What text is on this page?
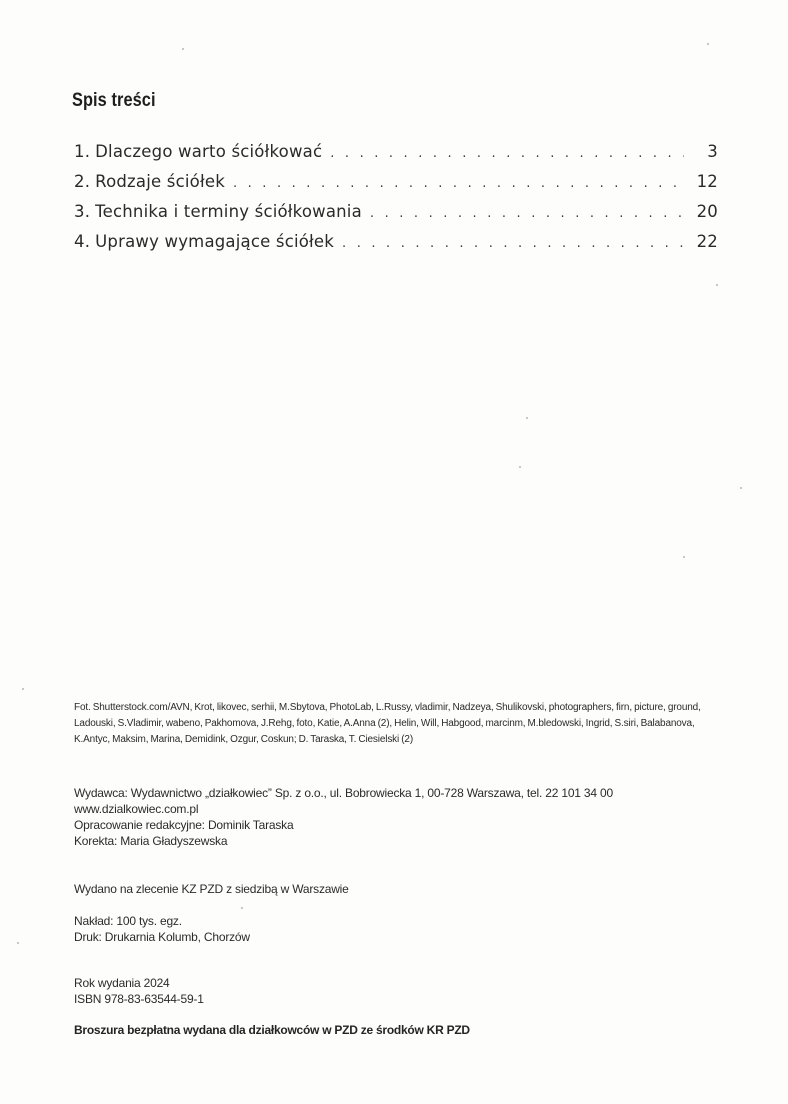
Spis treści
1. Dlaczego warto ściółkować . . .	3
2. Rodzaje ściółek . . .	12
3. Technika i terminy ściółkowania . . .	20
4. Uprawy wymagające ściółek . . .	22

Fot. Shutterstock.com/AVN, Krot, likovec, serhii, M.Sbytova, PhotoLab, L.Russy, vladimir, Nadzeya, Shulikovski, photographers, firn, picture, ground, Ladouski, S.Vladimir, wabeno, Pakhomova, J.Rehg, foto, Katie, A.Anna (2), Helin, Will, Habgood, marcinm, M.bledowski, Ingrid, S.siri, Balabanova, K.Antyc, Maksim, Marina, Demidink, Ozgur, Coskun; D. Taraska, T. Ciesielski (2)

Wydawca: Wydawnictwo „działkowiec” Sp. z o.o., ul. Bobrowiecka 1, 00-728 Warszawa, tel. 22 101 34 00

www.dzialkowiec.com.pl

Opracowanie redakcyjne: Dominik Taraska

Korekta: Maria Gładyszewska

Wydano na zlecenie KZ PZD z siedzibą w Warszawie

Nakład: 100 tys. egz.

Druk: Drukarnia Kolumb, Chorzów

Rok wydania 2024

ISBN 978-83-63544-59-1

Broszura bezpłatna wydana dla działkowców w PZD ze środków KR PZD
